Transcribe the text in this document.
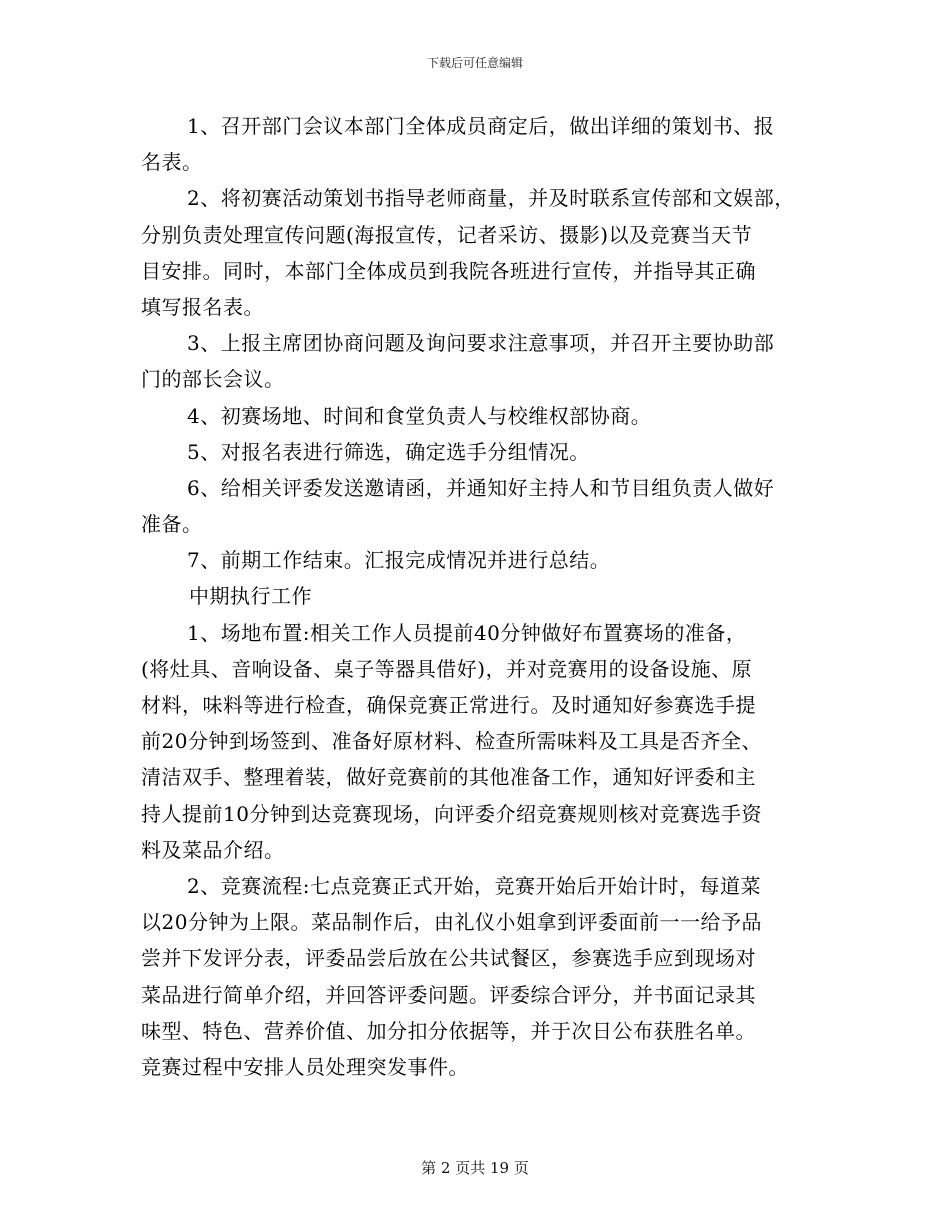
下载后可任意编辑
1、召开部门会议本部门全体成员商定后，做出详细的策划书、报
名表。
2、将初赛活动策划书指导老师商量，并及时联系宣传部和文娱部，
分别负责处理宣传问题(海报宣传，记者采访、摄影)以及竞赛当天节
目安排。同时，本部门全体成员到我院各班进行宣传，并指导其正确
填写报名表。
3、上报主席团协商问题及询问要求注意事项，并召开主要协助部
门的部长会议。
4、初赛场地、时间和食堂负责人与校维权部协商。
5、对报名表进行筛选，确定选手分组情况。
6、给相关评委发送邀请函，并通知好主持人和节目组负责人做好
准备。
7、前期工作结束。汇报完成情况并进行总结。
中期执行工作
1、场地布置:相关工作人员提前40分钟做好布置赛场的准备，
(将灶具、音响设备、桌子等器具借好)，并对竞赛用的设备设施、原
材料，味料等进行检查，确保竞赛正常进行。及时通知好参赛选手提
前20分钟到场签到、准备好原材料、检查所需味料及工具是否齐全、
清洁双手、整理着装，做好竞赛前的其他准备工作，通知好评委和主
持人提前10分钟到达竞赛现场，向评委介绍竞赛规则核对竞赛选手资
料及菜品介绍。
2、竞赛流程:七点竞赛正式开始，竞赛开始后开始计时，每道菜
以20分钟为上限。菜品制作后，由礼仪小姐拿到评委面前一一给予品
尝并下发评分表，评委品尝后放在公共试餐区，参赛选手应到现场对
菜品进行简单介绍，并回答评委问题。评委综合评分，并书面记录其
味型、特色、营养价值、加分扣分依据等，并于次日公布获胜名单。
竞赛过程中安排人员处理突发事件。
第 2 页共 19 页
